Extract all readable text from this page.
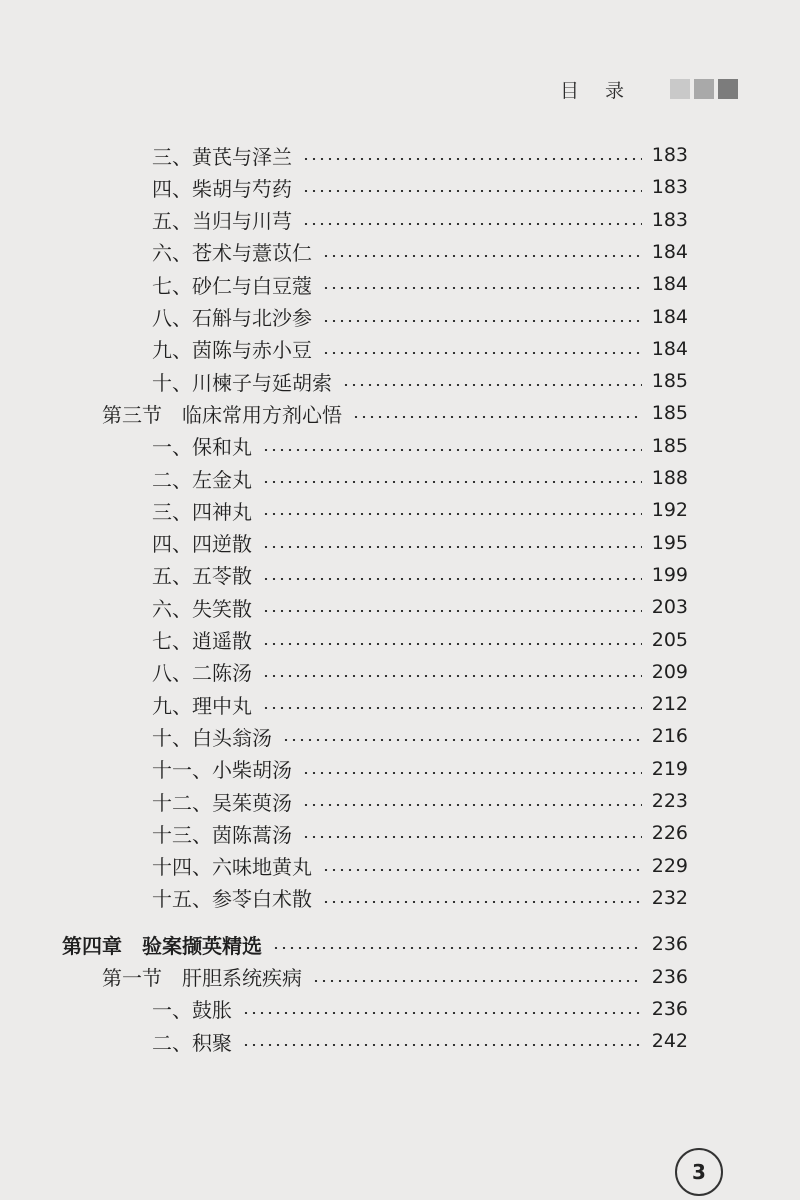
目 录
三、黄芪与泽兰	183
四、柴胡与芍药	183
五、当归与川芎	183
六、苍术与薏苡仁	184
七、砂仁与白豆蔻	184
八、石斛与北沙参	184
九、茵陈与赤小豆	184
十、川楝子与延胡索	185
第三节　临床常用方剂心悟	185
一、保和丸	185
二、左金丸	188
三、四神丸	192
四、四逆散	195
五、五苓散	199
六、失笑散	203
七、逍遥散	205
八、二陈汤	209
九、理中丸	212
十、白头翁汤	216
十一、小柴胡汤	219
十二、吴茱萸汤	223
十三、茵陈蒿汤	226
十四、六味地黄丸	229
十五、参苓白术散	232
第四章　验案撷英精选	236
第一节　肝胆系统疾病	236
一、鼓胀	236
二、积聚	242
3
